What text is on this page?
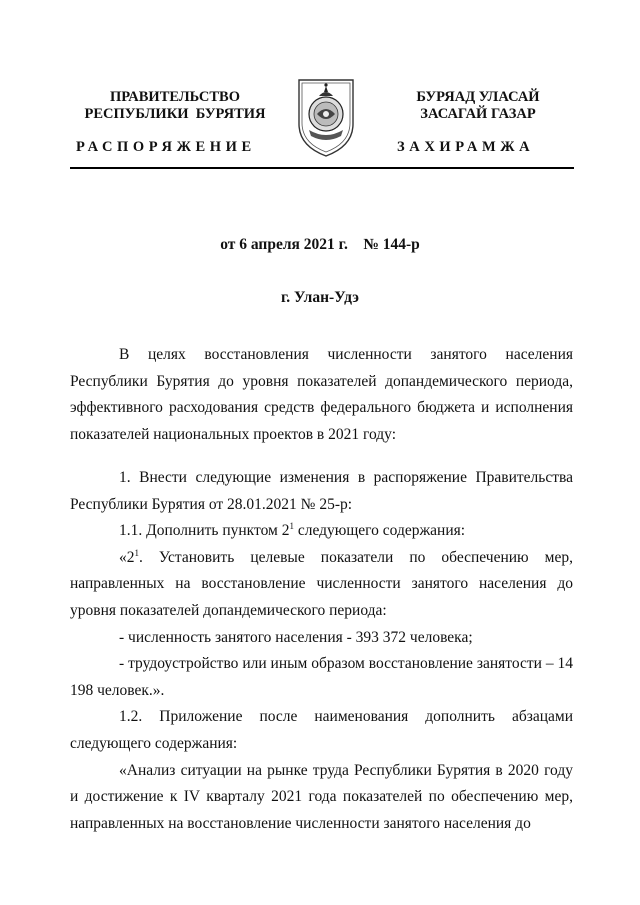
ПРАВИТЕЛЬСТВО
РЕСПУБЛИКИ  БУРЯТИЯ
РАСПОРЯЖЕНИЕ
БУРЯАД УЛАСАЙ
ЗАСАГАЙ ГАЗАР
ЗАХИРАМЖА
от 6 апреля 2021 г.    № 144-р
г. Улан-Удэ

В целях восстановления численности занятого населения Республики Бурятия до уровня показателей допандемического периода, эффективного расходования средств федерального бюджета и исполнения показателей национальных проектов в 2021 году:

1. Внести следующие изменения в распоряжение Правительства Республики Бурятия от 28.01.2021 № 25-р:

1.1. Дополнить пунктом $2^1$ следующего содержания:

«$2^1$. Установить целевые показатели по обеспечению мер, направленных на восстановление численности занятого населения до уровня показателей допандемического периода:

- численность занятого населения - 393 372 человека;

- трудоустройство или иным образом восстановление занятости – 14 198 человек.».

1.2. Приложение после наименования дополнить абзацами следующего содержания:

«Анализ ситуации на рынке труда Республики Бурятия в 2020 году и достижение к IV кварталу 2021 года показателей по обеспечению мер, направленных на восстановление численности занятого населения до
